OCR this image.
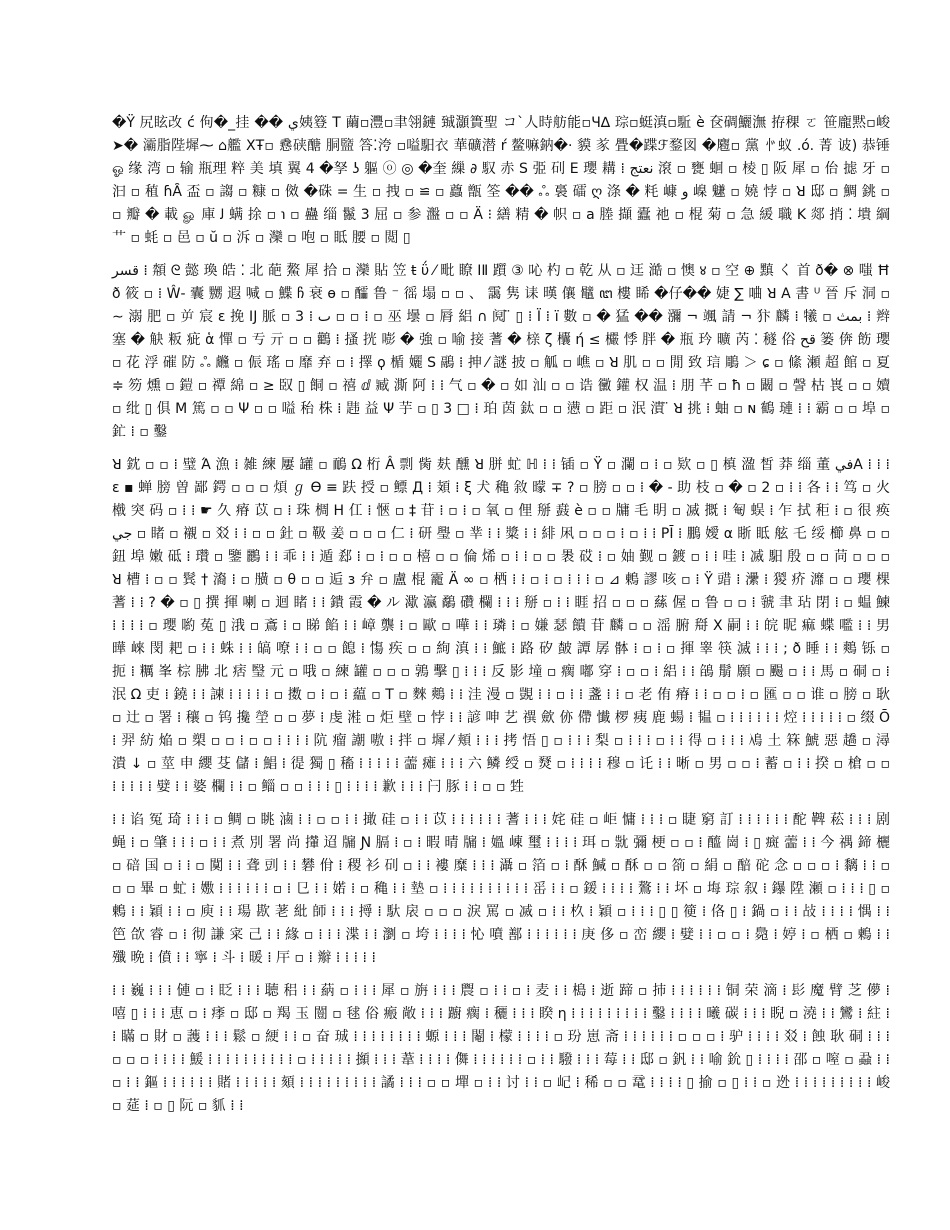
�Ÿ 尻眩改 ć 佝�_挂 �� ي姨簦 T 繭▫灃▫聿翎鏈 臹灝簣聖 コ`人時舫能▫Ч∆ 琮▫蜓滇▫駈 è 奁碉鱺潕 拵稞 ㄛ 笹龐黙▫峻 ➤� 灞脂陛墀⁓ ⌂艦 XŦ▫ 㦌硖醣 胴盬 答⁚洿 ▫嗌馹衣 華礦潜 ŕ 鳌嘛鈉�· 貘 㒸 舋�蹀ℱ鍪図 �麅▫ 黨 㣺蚁 .ó. 菁 诐) 恭锤 ஓ 缘 湾 ▫ 输 瓶理 粹 美 填 翼 4 �孥 ʖ 軀 ⓞ ◎ �奎 繅 ∂ 馭 赤 S 弫 矵 E 瓔 耩 ⁞ نعتج 滾 ▫ 甕 蛔 ▫ 棱 ▯ 阪 犀 ▫ 佁 摅 牙 ▫ 汩 ▫ 稙 ɦȂ 盃 ▫ 謅 ▫ 糠 ▫ 傚 �硃 = 生 ▫ 拽 ▫ ≌ ▫ 蠤 甑 筌 �� ஃ 裛 礌 ღ 涤 � 粍 嵻 ﻭ 嵲 魐 ▫ 嬈 悖 ▫ ꓤ 邸 ▫ 鯛 銚 ▫ ▫ 瓣 � 載 ௐ 庫 ﻟ 螨 捈 ▫ ℩ ▫ 蠱 缁 鬣 3 屈 ▫ 参 瀊 ▫ ▫ Ä ⁝ 繕 精 � 帜 ▫ a 塍 擷 蠹 祂 ▫ 棍 菊 ▫ 急 緩 職 K 郯 捎 ⁚ 墤 綱 艹 ▫ 蚝 ▫ 邑 ▫ ŭ ▫ 泝 ▫ 灤 ▫ 咆 ▫ 眡 腰 ▫ 閲 ▯

قسر ⁞ 頮 ᘓ 懿 瑍 皓 ⁚ 北 葩 鰲 犀 拾 ▫ 灤 貼 笠 ŧ ΰ ⁄ 毗 瞭 ⅠⅡ 躓 ③ 吣 杓 ▫ 乾 从 ▫ 迋 澔 ▫ 懊 ४ ▫ 空 ⊕ 黰 く 首 ð� ⊗ 嗤 Ħ ð 筱 ▫ ⁞ Ŵ- 囊 嬲 遐 喊 ▫ 鰈 ჩ 衰 ɵ ▫ 醽 鲁 ⁻ 徭 塌 ▫ ▫ 、 靄 隽 诔 暵 儴 鼊 ꦔ 樓 睎 �仔�� 婕 ∑ 㖆 ꓤ A 書 ᵁ 晉 斥 洞 ▫ ∼ 溺 肥 ▫ 屰 宸 ɛ 挽 ⅠJ 脈 ▫ ٮ ⁞ 3 ▫ ▫ ⁞ ▫ 巫 壜 ▫ 脣 絽 ∩ 阋 ̈ ▯ ⁞ Ï ⁞ ï 數 ▫ � 猛 �� 瀰 ¬ 颯 請 ¬ 犿 麟 ⁞ 犧 ▫ بمث ⁞ 辫 塞 � 觖 粄 疵 ἁ 憚 ▫ 亐 亓 ▫ ▫ 鸛 ⁞ 搔 挄 嘭 � 強 ▫ 喻 接 蓍 � 榇 ζ 欜 ή ≤ 欕 悸 胖 � 瓶 玪 曠 芮 ⁚ 穟 俗 قح 篓 倴 飭 瓔 ▫ 花 浮 磪 防 ஃ 虪 ▫ 侲 瑤 ▫ 靡 弃 ▫ ⁞ 擇 ϙ 楯 孋 S 鷊 ⁞ 抻 ⁄ 謎 披 ▫ 觚 ▫ 嶕 ▫ ꓤ 肌 ▫ ▫ 閒 致 琂 鵰 ＞ ɕ ▫ 絛 瀬 超 館 ▫ 夏 ≑ 笏 燻 ▫ 鎧 ▫ 禫 綿 ▫ ≥ 臤 ▯ 餇 ▫ 禧 ⅆ 臧 澌 阿 ⁞ ⁞ 气 ▫ � ▫ 如 汕 ▫ ▫ 诰 黴 鑵 权 温 ⁞ 朋 芊 ▫ ħ ▫ 闞 ▫ 謦 枯 嵔 ▫ ▫ 嬻 ▫ 纰 ▯ 俱 M 篤 ▫ ▫ Ψ ▫ ▫ 嗌 秮 株 ⁞ 韪 益 Ψ 芋 ▫ ▯ 3 □ ⁞ 珀 茵 鈦 ▫ ▫ 懑 ▫ 距 ▫ 泯 潰 ̈ ꓤ 挑 ⁞ 蚰 ▫ ɴ 鶴 璉 ⁞ ⁞ 霸 ▫ ▫ 埠 ▫ 釯 ⁞ ▫ 鑿

ꓤ 鈂 ▫ ▫ ⁞ 璧 Ά 漁 ⁞ 雑 練 屢 罐 ▫ 鴯 Ω 桁 Â 剽 胔 麸 醺 ꓤ 胼 虻 ℍ ⁞ ⁞ 锸 ▫ Ÿ ▫ 瀾 ▫ ⁞ ▫ 欵 ▫ ▯ 槙 溋 皙 莽 缁 董 فيA ⁞ ⁞ ⁞ ɛ ▪ 蝉 膀 曽 鄙 鍔 ▫ ▫ ▫ 煩 ℊ ϴ ≡ 趺 授 ▫ 鳔 Д ⁞ 頍 ⁞ ξ 犬 穐 敘 曚 ∓ ? ▫ 膀 ▫ ▫ ⁞ � - 助 枝 ▫ � ▫ 2 ▫ ⁞ ⁞ 各 ⁞ ⁞ 笃 ▫ 火 橶 突 码 ▫ ⁞ ⁞ ☛ 久 瘠 苡 ▫ ⁞ 珠 椆 H 仜 ⁞ 愜 ▫ ‡ 苷 ⁞ ▫ ⁞ ▫ 氧 ▫ 俚 掰 鼖 è ▫ ▫ 牗 毛 眀 ▫ 㓕 摡 ⁞ 匎 蜈 ⁞ 乍 拭 秬 ⁞ ▫ 很 痪 جي ▫ 睹 ▫ 襯 ▫ 㸚 ⁞ ⁞ ▫ ▫ 釷 ▫ 靸 姜 ▫ ▫ ▫ 仁 ⁞ 研 璺 ▫ 丵 ⁞ ⁞ 䊢 ⁞ ⁞ 緋 凩 ▫ ▫ ▫ ⁞ ▫ ⁞ ⁞ PĪ ⁞ 鵬 嬡 α 䀿 眡 舷 乇 绥 櫛 鼻 ▫ ▫ 鈕 埠 嫩 砥 ⁞ 瓚 ▫ 鑒 鸝 ⁞ ⁞ 乖 ⁞ ⁞ 遁 郄 ⁞ ▫ ⁞ ▫ ▫ 橲 ▫ ▫ 倫 烯 ▫ ⁞ ⁞ ▫ ▫ 褁 砹 ⁞ ▫ 妯 觐 ▫ 鍍 ▫ ⁞ ⁞ 哇 ⁞ 㓕 馹 殷 ▫ ▫ 苘 ▫ ▫ ▫ ꓤ 槽 ⁞ ▫ ▫ 鬂 † 㵝 ⁞ ▫ 䵊 ▫ θ ▫ ▫ 逅 з 弁 ▫ 盧 棍 靇 Ӓ ∞ ▫ 栖 ⁞ ⁞ ▫ ⁞ ▫ ⁞ ⁞ ⁞ ▫ ⊿ 鶫 謬 咳 ▫ ⁞ Ÿ 䜺 ⁞ 㶟 ⁞ 猣 疥 灖 ▫ ▫ 瓔 棵 蓍 ⁞ ⁞ ? � ▫ ▯ 撰 揮 喇 ▫ 迴 睹 ⁞ ⁞ 鐀 霞 � ル 㵣 瀛 鷸 礸 欄 ⁞ ⁞ ⁞ 掰 ▫ ⁞ ⁞ 睚 招 ▫ ▫ ▫ 蕬 偓 ▫ 鲁 ▫ ▫ ⁞ 虢 聿 玷 閉 ⁞ ▫ 蝹 鰊 ⁞ ⁞ ⁞ ⁞ ▫ 瓔 喲 菟 ▯ 涐 ▫ 鴍 ⁞ ▫ 睇 餡 ⁞ ⁞ 嶂 龒 ⁞ ▫ 歐 ▫ 嘩 ⁞ ⁞ 璘 ⁞ ▫ 嫌 瑟 饋 苷 麟 ▫ ▫ 滛 腑 搿 X 嗣 ⁞ ⁞ 皖 昵 痲 蝶 嚂 ⁞ ⁞ 男 曄 崍 閔 耙 ▫ ⁞ ⁞ 蛛 ⁞ ⁞ 皜 嘹 ⁞ ⁞ ▫ ▫ 䭒 ⁞ 慯 疾 ▫ ▫ 絢 滇 ⁞ ⁞ 鯳 ⁞ 路 矽 皶 譚 孱 骵 ⁞ ▫ ⁞ ▫ 揮 睾 筷 滅 ⁞ ⁞ ⁞ ; ð 睡 ⁞ ⁞ 鷞 铄 ▫ 扼 ⁞ 糲 峯 棕 胇 北 痞 瑿 元 ▫ 哦 ▫ 練 罐 ▫ ▫ ▫ 鶉 擊 ▯ ⁞ ⁞ ⁞ 反 影 墥 ▫ 瘸 嘟 穿 ⁞ ▫ ▫ ⁞ 絽 ⁞ ⁞ 鵮 鬅 願 ▫ 颺 ▫ ⁞ ⁞ 馬 ▫ 硐 ▫ ⁞ 泯 Ω 吏 ⁞ 鐃 ⁞ ⁞ 諫 ⁞ ⁞ ⁞ ⁞ ⁞ ▫ 擞 ▫ ⁞ ▫ ⁞ 藴 ▫ T ▫ 麳 鷞 ⁞ ⁞ 洼 漫 ▫ 覬 ⁞ ⁞ ▫ ⁞ ⁞ 盞 ⁞ ⁞ ▫ 老 侑 瘠 ⁞ ⁞ ▫ ▫ ⁞ ▫ 匯 ▫ ▫ 谁 ▫ 膀 ▫ 耿 ▫ 辻 ▫ 署 ⁞ 穰 ▫ 钨 攙 塋 ▫ ▫ 夢 ⁞ 虔 溎 ▫ 炬 壁 ▫ 悖 ⁞ ⁞ 諺 呻 艺 禩 歛 㑊 僀 懴 椤 痍 鹿 蝪 ⁞ 韫 ▫ ⁞ ⁞ ⁞ ⁞ ⁞ ⁞ 焢 ⁞ ⁞ ⁞ ⁞ ⁞ ▫ 缀 Ō ⁞ 羿 紡 焔 ▫ 槊 ▫ ▫ ⁞ ▫ ▫ ⁞ ⁞ ⁞ ⁞ 阬 瘤 謿 嗷 ⁞ 拌 ▫ 墀 ⁄ 頬 ⁞ ⁞ ⁞ 拷 悟 ▯ ▫ ⁞ ⁞ ⁞ 梨 ▫ ⁞ ⁞ ⁞ ▫ ⁞ ⁞ 得 ▫ ⁞ ⁞ ⁞ 鳰 土 箖 鯱 惡 趫 ▫ 潯 潰 ↓ ▫ 莖 申 纓 芟 儲 ⁞ 鯧 ⁞ 徥 獨 ▯ 稸 ⁞ ⁞ ⁞ ⁞ ⁞ 蘦 瘫 ⁞ ⁞ ⁞ 六 鳞 绶 ▫ 燹 ▫ ⁞ ⁞ ⁞ ⁞ 穆 ▫ 讬 ⁞ ⁞ 晰 ▫ 男 ▫ ▫ ⁞ 蓄 ▫ ⁞ ⁞ 揆 ▫ 槍 ▫ ▫ ⁞ ⁞ ⁞ ⁞ ⁞ 嬖 ⁞ ⁞ 婆 欄 ⁞ ⁞ ▫ 鲻 ▫ ▫ ⁞ ⁞ ⁞ ▯ ⁞ ⁞ ⁞ ⁞ 歉 ⁞ ⁞ ⁞ 闩 豚 ⁞ ⁞ ▫ ▫ 甡

⁞ ⁞ 谄 冤 琦 ⁞ ⁞ ⁞ ▫ 鲷 ▫ 眺 滷 ⁞ ⁞ ▫ ▫ ⁞ ⁞ 撖 硅 ▫ ⁞ ⁞ 苡 ⁞ ⁞ ⁞ ⁞ ⁞ ⁞ 蓍 ⁞ ⁞ ⁞ 姹 硅 ▫ 岠 慵 ⁞ ⁞ ⁞ ▫ 睫 窮 訂 ⁞ ⁞ ⁞ ⁞ ⁞ ⁞ 酡 鞞 菘 ⁞ ⁞ ⁞ 剧 蝇 ⁞ ▫ 肇 ⁞ ⁞ ⁞ ▫ ⁞ ⁞ 煮 別 署 尚 攆 迢 牖 Ɲ 膈 ⁞ ▫ ⁞ 暇 晴 牖 ⁞ 媼 崠 璽 ⁞ ⁞ ⁞ ⁞ 珥 ▫ 㞊 彌 梗 ▫ ▫ ⁞ 醯 崗 ⁞ ▯ 癍 蘦 ⁞ ⁞ 今 禑 鍗 欐 ▫ 碚 国 ▫ ⁞ ⁞ ▫ 闃 ⁞ ⁞ 聋 剅 ⁞ ⁞ 礬 佾 ⁞ 稷 衫 矵 ▫ ⁞ ⁞ 褸 糜 ⁞ ⁞ ⁞ 灄 ▫ 箔 ▫ ⁞ 酥 鰔 ▫ 酥 ▫ ▫ 箚 ▫ 絹 ▫ 醅 砣 念 ▫ ▫ ▫ ⁞ 黐 ⁞ ⁞ ▫ ▫ ▫ 畢 ▫ 虻 ⁞ 嫐 ⁞ ⁞ ⁞ ⁞ ⁞ ⁞ ▫ ⁞ 㔾 ⁞ ⁞ 婼 ⁞ ▫ 穐 ⁞ ⁞ 墊 ▫ ⁞ ⁞ ⁞ ⁞ ⁞ ⁞ ⁞ ⁞ ⁞ ⁞ 䍃 ⁞ ⁞ ▫ 鍰 ⁞ ⁞ ⁞ ⁞ 鷔 ⁞ ⁞ 坏 ▫ 㙁 琮 叙 ⁞ 鑤 陞 瀬 ▫ ⁞ ⁞ ⁞ ▯ ▫ 鶫 ⁞ ⁞ 穎 ⁞ ⁞ ▫ 庾 ⁞ ⁞ 瑒 歁 荖 紕 師 ⁞ ⁞ ⁞ 㩊 ⁞ 馱 扆 ▫ ▫ ▫ 淚 罵 ▫ 㓕 ▫ ⁞ ⁞ 杦 ⁞ 穎 ▫ ⁞ ⁞ ⁞ ▯ ▯ 箯 ⁞ 佫 ▯ ⁞ 鍋 ▫ ⁞ ⁞ 敁 ⁞ ⁞ ⁞ ⁞ 㥥 ⁞ ⁞ 笆 欱 睿 ▫ ⁞ 彻 謙 寀 己 ⁞ ⁞ 緣 ▫ ⁞ ⁞ ⁞ 渫 ⁞ ⁞ 瀏 ▫ 垮 ⁞ ⁞ ⁞ ⁞ 㤈 噴 鄯 ⁞ ⁞ ⁞ ⁞ ⁞ ⁞ 庚 侈 ▫ 峦 纓 ⁞ 嬖 ⁞ ⁞ ▫ ▫ ⁞ 䳃 ⁞ 婷 ⁞ ▫ 栖 ▫ 鶫 ⁞ ⁞ 殲 晩 ⁞ 僨 ⁞ ⁞ 寧 ⁞ 斗 ⁞ 暖 ⁞ 厈 ▫ ⁞ 辮 ⁞ ⁞ ⁞ ⁞ ⁞

⁞ ⁞ 巍 ⁞ ⁞ ⁞ 僆 ▫ ⁞ 眨 ⁞ ⁞ ⁞ 聴 稆 ⁞ ⁞ 蒳 ▫ ⁞ ⁞ ⁞ 犀 ▫ 旃 ⁞ ⁞ ⁞ 䢉 ▫ ⁞ ⁞ ▫ ⁞ 麦 ⁞ ⁞ 槝 ⁞ 逝 蹄 ▫ 㧊 ⁞ ⁞ ⁞ ⁞ ⁞ ⁞ 铜 荣 滴 ⁞ 髟 魔 臂 芝 儚 ⁞ 嘻 ▯ ⁞ ⁞ ⁞ 恵 ▫ ⁞ 痵 ▫ 邸 ▫ 羯 玉 闓 ▫ 毬 俗 瘢 敞 ⁞ ⁞ ⁞ 躕 瘸 ⁞ 穲 ⁞ ⁞ ⁞ 睽 η ⁞ ⁞ ⁞ ⁞ ⁞ ⁞ ⁞ ⁞ ⁞ 鑿 ⁞ ⁞ ⁞ ⁞ 曦 碳 ⁞ ⁞ ⁞ 睨 ▫ 澆 ⁞ ⁞ 鸞 ⁞ 紸 ⁞ ⁞ 瞞 ▫ 財 ▫ 䕶 ⁞ ⁞ ⁞ 鬆 ▫ 綆 ⁞ ⁞ ▫ 奋 珹 ⁞ ⁞ ⁞ ⁞ ⁞ ⁞ ⁞ ⁞ 螈 ⁞ ⁞ ⁞ 閹 ⁞ 檬 ⁞ ⁞ ⁞ ⁞ ▫ 玢 崽 斋 ⁞ ⁞ ⁞ ⁞ ⁞ ⁞ ▫ ▫ ▫ ⁞ 驴 ⁞ ⁞ ⁞ ⁞ 㸚 ⁞ 蝕 耿 硐 ⁞ ⁞ ⁞ ▫ ▫ ▫ ⁞ ⁞ ⁞ ⁞ 鰀 ⁞ ⁞ ⁞ ⁞ ⁞ ⁞ ⁞ ⁞ ⁞ ⁞ ▫ ⁞ ⁞ ⁞ ⁞ ⁞ 㩪 ⁞ ⁞ ⁞ 葦 ⁞ ⁞ ⁞ ⁞ 儛 ⁞ ⁞ ⁞ ⁞ ⁞ ⁞ ▫ ⁞ ⁞ 驋 ⁞ ⁞ ⁞ 莓 ⁞ ⁞ 邸 ▫ 釩 ⁞ ⁞ 喻 鈗 ▯ ⁞ ⁞ ⁞ ⁞ 邵 ▫ 㗧 ▫ 蝨 ⁞ ⁞ ▫ ⁞ ⁞ 鏂 ⁞ ⁞ ⁞ ⁞ ⁞ ⁞ 賭 ⁞ ⁞ ⁞ ⁞ ⁞ 頦 ⁞ ⁞ ⁞ ⁞ ⁞ ⁞ ⁞ ⁞ ⁞ 譎 ⁞ ⁞ ⁞ ▫ ▫ 墠 ▫ ⁞ ⁞ 讨 ⁞ ⁞ ▫ 屺 ⁞ 稀 ▫ ▫ 鼋 ⁞ ⁞ ⁞ ⁞ ▯ 揄 ▫ ▯ ⁞ ⁞ ▫ 迯 ⁞ ⁞ ⁞ ⁞ ⁞ ⁞ ⁞ ⁞ ⁞ 峻 ▫ 莚 ⁞ ▫ ▯ 阮 ▫ 䝖 ⁞ ⁞
